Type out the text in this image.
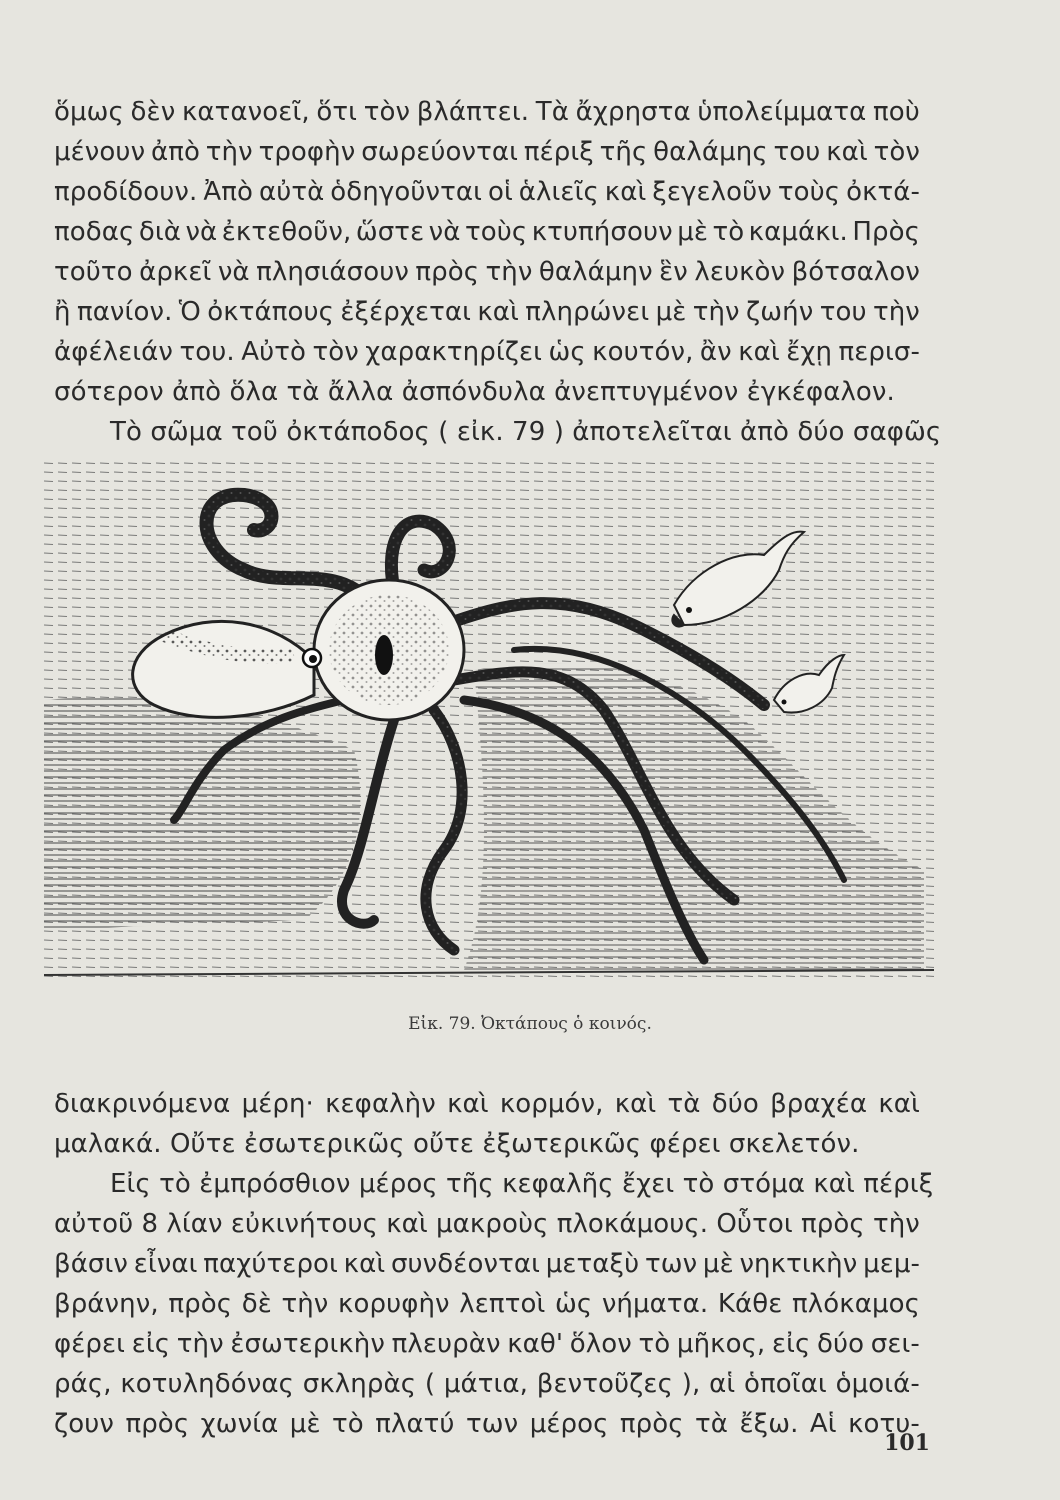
ὅμως δὲν κατανοεῖ, ὅτι τὸν βλάπτει. Τὰ ἄχρηστα ὑπολείμματα ποὺ
μένουν ἀπὸ τὴν τροφὴν σωρεύονται πέριξ τῆς θαλάμης του καὶ τὸν
προδίδουν. Ἀπὸ αὐτὰ ὁδηγοῦνται οἱ ἁλιεῖς καὶ ξεγελοῦν τοὺς ὀκτά-
ποδας διὰ νὰ ἐκτεθοῦν, ὥστε νὰ τοὺς κτυπήσουν μὲ τὸ καμάκι. Πρὸς
τοῦτο ἀρκεῖ νὰ πλησιάσουν πρὸς τὴν θαλάμην ἓν λευκὸν βότσαλον
ἢ πανίον. Ὁ ὀκτάπους ἐξέρχεται καὶ πληρώνει μὲ τὴν ζωήν του τὴν
ἀφέλειάν του. Αὐτὸ τὸν χαρακτηρίζει ὡς κουτόν, ἂν καὶ ἔχῃ περισ-
σότερον ἀπὸ ὅλα τὰ ἄλλα ἀσπόνδυλα ἀνεπτυγμένον ἐγκέφαλον.
Τὸ σῶμα τοῦ ὀκτάποδος ( εἰκ. 79 ) ἀποτελεῖται ἀπὸ δύο σαφῶς
Εἰκ. 79. Ὀκτάπους ὁ κοινός.
διακρινόμενα μέρη· κεφαλὴν καὶ κορμόν, καὶ τὰ δύο βραχέα καὶ
μαλακά. Οὔτε ἐσωτερικῶς οὔτε ἐξωτερικῶς φέρει σκελετόν.
Εἰς τὸ ἐμπρόσθιον μέρος τῆς κεφαλῆς ἔχει τὸ στόμα καὶ πέριξ
αὐτοῦ 8 λίαν εὐκινήτους καὶ μακροὺς πλοκάμους. Οὗτοι πρὸς τὴν
βάσιν εἶναι παχύτεροι καὶ συνδέονται μεταξὺ των μὲ νηκτικὴν μεμ-
βράνην, πρὸς δὲ τὴν κορυφὴν λεπτοὶ ὡς νήματα. Κάθε πλόκαμος
φέρει εἰς τὴν ἐσωτερικὴν πλευρὰν καθ' ὅλον τὸ μῆκος, εἰς δύο σει-
ράς, κοτυληδόνας σκληρὰς ( μάτια, βεντοῦζες ), αἱ ὁποῖαι ὁμοιά-
ζουν πρὸς χωνία μὲ τὸ πλατύ των μέρος πρὸς τὰ ἔξω. Αἱ κοτυ-
101
